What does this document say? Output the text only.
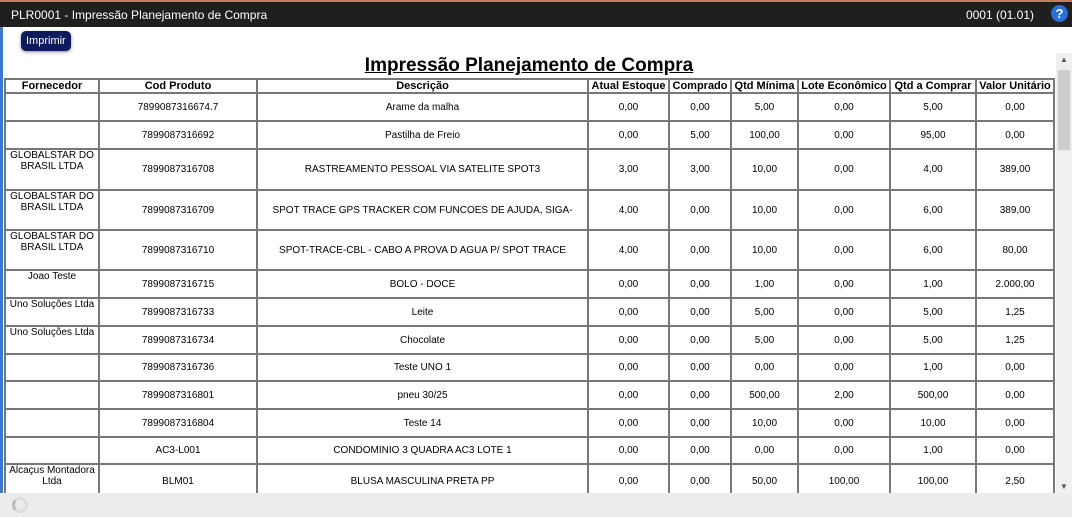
PLR0001 - Impressão Planejamento de Compra	0001 (01.01)	?
Imprimir
Impressão Planejamento de Compra
Fornecedor	Cod Produto	Descrição	Atual Estoque	Comprado	Qtd Mínima	Lote Econômico	Qtd a Comprar	Valor Unitário
	7899087316674.7	Arame da malha	0,00	0,00	5,00	0,00	5,00	0,00
	7899087316692	Pastilha de Freio	0,00	5,00	100,00	0,00	95,00	0,00
GLOBALSTAR DO BRASIL LTDA	7899087316708	RASTREAMENTO PESSOAL VIA SATELITE SPOT3	3,00	3,00	10,00	0,00	4,00	389,00
GLOBALSTAR DO BRASIL LTDA	7899087316709	SPOT TRACE GPS TRACKER COM FUNCOES DE AJUDA, SIGA-	4,00	0,00	10,00	0,00	6,00	389,00
GLOBALSTAR DO BRASIL LTDA	7899087316710	SPOT-TRACE-CBL - CABO A PROVA D AGUA P/ SPOT TRACE	4,00	0,00	10,00	0,00	6,00	80,00
Joao Teste	7899087316715	BOLO - DOCE	0,00	0,00	1,00	0,00	1,00	2.000,00
Uno Soluções Ltda	7899087316733	Leite	0,00	0,00	5,00	0,00	5,00	1,25
Uno Soluções Ltda	7899087316734	Chocolate	0,00	0,00	5,00	0,00	5,00	1,25
	7899087316736	Teste UNO 1	0,00	0,00	0,00	0,00	1,00	0,00
	7899087316801	pneu 30/25	0,00	0,00	500,00	2,00	500,00	0,00
	7899087316804	Teste 14	0,00	0,00	10,00	0,00	10,00	0,00
	AC3-L001	CONDOMINIO 3 QUADRA AC3 LOTE 1	0,00	0,00	0,00	0,00	1,00	0,00
Alcaçus Montadora Ltda	BLM01	BLUSA MASCULINA PRETA PP	0,00	0,00	50,00	100,00	100,00	2,50
▲
▼
